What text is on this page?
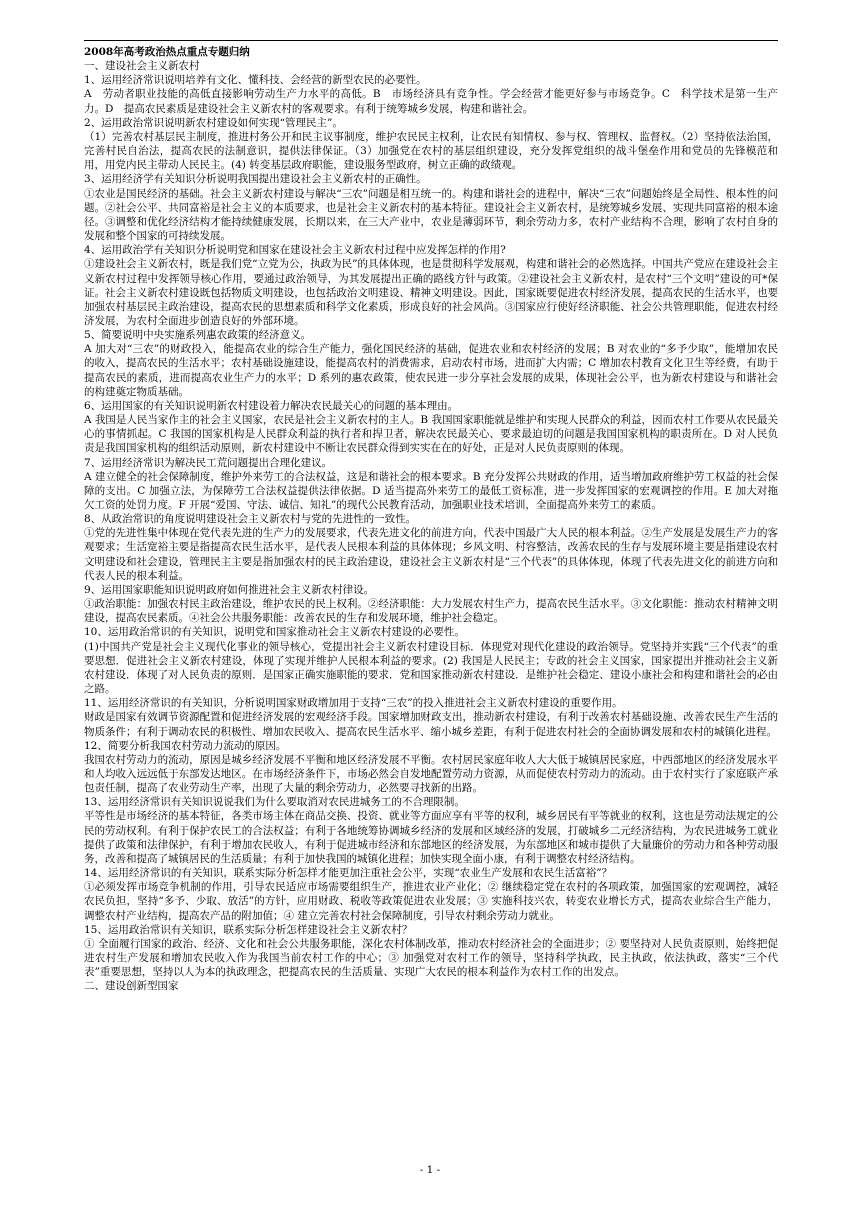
2008年高考政治热点重点专题归纳

一、建设社会主义新农村

1、运用经济常识说明培养有文化、懂科技、会经营的新型农民的必要性。

A　劳动者职业技能的高低直接影响劳动生产力水平的高低。B　市场经济具有竞争性。学会经营才能更好参与市场竞争。C　科学技术是第一生产力。D　提高农民素质是建设社会主义新农村的客观要求。有利于统筹城乡发展，构建和谐社会。

2、运用政治常识说明新农村建设如何实现“管理民主”。

（1）完善农村基层民主制度，推进村务公开和民主议事制度，维护农民民主权利，让农民有知情权、参与权、管理权、监督权。（2）坚持依法治国，完善村民自治法，提高农民的法制意识，提供法律保证。（3）加强党在农村的基层组织建设，充分发挥党组织的战斗堡垒作用和党员的先锋模范和用，用党内民主带动人民民主。(4) 转变基层政府职能，建设服务型政府，树立正确的政绩观。

3、运用经济学有关知识分析说明我国提出建设社会主义新农村的正确性。

①农业是国民经济的基础。社会主义新农村建设与解决“三农”问题是相互统一的。构建和谐社会的进程中，解决“三农”问题始终是全局性、根本性的问题。②社会公平、共同富裕是社会主义的本质要求，也是社会主义新农村的基本特征。建设社会主义新农村，是统筹城乡发展、实现共同富裕的根本途径。③调整和优化经济结构才能持续健康发展，长期以来，在三大产业中，农业是薄弱环节，剩余劳动力多，农村产业结构不合理，影响了农村自身的发展和整个国家的可持续发展。

4、运用政治学有关知识分析说明党和国家在建设社会主义新农村过程中应发挥怎样的作用?

①建设社会主义新农村，既是我们党“立党为公，执政为民”的具体体现，也是贯彻科学发展观，构建和谐社会的必然选择。中国共产党应在建设社会主义新农村过程中发挥领导核心作用，要通过政治领导，为其发展提出正确的路线方针与政策。②建设社会主义新农村，是农村“三个文明”建设的可*保证。社会主义新农村建设既包括物质文明建设，也包括政治文明建设、精神文明建设。因此，国家既要促进农村经济发展，提高农民的生活水平，也要加强农村基层民主政治建设，提高农民的思想素质和科学文化素质，形成良好的社会风尚。③国家应行使好经济职能、社会公共管理职能，促进农村经济发展，为农村全面进步创造良好的外部环境。

5、简要说明中央实施系列惠农政策的经济意义。

A 加大对“三农”的财政投入，能提高农业的综合生产能力，强化国民经济的基础，促进农业和农村经济的发展；B 对农业的“多予少取”，能增加农民的收入，提高农民的生活水平；农村基础设施建设，能提高农村的消费需求，启动农村市场，进而扩大内需；C 增加农村教育文化卫生等经费，有助于提高农民的素质，进而提高农业生产力的水平；D 系列的惠农政策，使农民进一步分享社会发展的成果，体现社会公平，也为新农村建设与和谐社会的构建奠定物质基础。

6、运用国家的有关知识说明新农村建设着力解决农民最关心的问题的基本理由。

A 我国是人民当家作主的社会主义国家，农民是社会主义新农村的主人。B 我国国家职能就是维护和实现人民群众的利益，因而农村工作要从农民最关心的事情抓起。C 我国的国家机构是人民群众利益的执行者和捍卫者，解决农民最关心、要求最迫切的问题是我国国家机构的职责所在。D 对人民负责是我国国家机构的组织活动原则，新农村建设中不断让农民群众得到实实在在的好处，正是对人民负责原则的体现。

7、运用经济常识为解决民工荒问题提出合理化建议。

A 建立健全的社会保障制度，维护外来劳工的合法权益，这是和谐社会的根本要求。B 充分发挥公共财政的作用，适当增加政府维护劳工权益的社会保障的支出。C 加强立法，为保障劳工合法权益提供法律依据。D 适当提高外来劳工的最低工资标准，进一步发挥国家的宏观调控的作用。E 加大对拖欠工资的处罚力度。F 开展“爱国、守法、诚信、知礼”的现代公民教育活动，加强职业技术培训，全面提高外来劳工的素质。

8、从政治常识的角度说明建设社会主义新农村与党的先进性的一致性。

①党的先进性集中体现在党代表先进的生产力的发展要求，代表先进文化的前进方向，代表中国最广大人民的根本利益。②生产发展是发展生产力的客观要求；生活宽裕主要是指提高农民生活水平，是代表人民根本利益的具体体现；乡风文明、村容整洁，改善农民的生存与发展环境主要是指建设农村文明建设和社会建设，管理民主主要是指加强农村的民主政治建设，建设社会主义新农村是“三个代表”的具体体现，体现了代表先进文化的前进方向和代表人民的根本利益。

9、运用国家职能知识说明政府如何推进社会主义新农村律设。

①政治职能：加强农村民主政治建设，维护农民的民上权利。②经济职能：大力发展农村生产力，提高农民生活水平。③文化职能：推动农村精神文明建设，提高农民素质。④社会公共服务职能：改善农民的生存和发展环境，维护社会稳定。

10、运用政治常识的有关知识，说明党和国家推动社会主义新农村建设的必要性。

(1)中国共产党是社会主义现代化事业的领导核心，党提出社会主义新农村建设目标．体现党对现代化建设的政治领导。党坚持并实践“三个代表”的重要思想．促进社会主义新农村建设，体现了实现并维护人民根本利益的要求。(2) 我国是人民民主；专政的社会主义国家，国家提出并推动社会主义新农村建设．体现了对人民负责的原则．是国家正确实施职能的要求．党和国家推动新农村建设．是维护社会稳定、建设小康社会和构建和谐社会的必由之路。

11、运用经济常识的有关知识，分析说明国家财政增加用于支持“三农”的投入推进社会主义新农村建设的重要作用。

财政是国家有效调节资源配置和促进经济发展的宏观经济手段。国家增加财政支出，推动新农村建设，有利于改善农村基础设施、改善农民生产生活的物质条件；有利于调动农民的积极性、增加农民收入、提高农民生活水平、缩小城乡差距，有利于促进农村社会的全面协调发展和农村的城镇化进程。

12、简要分析我国农村劳动力流动的原因。

我国农村劳动力的流动，原因是城乡经济发展不平衡和地区经济发展不平衡。农村居民家庭年收人大大低于城镇居民家庭，中西部地区的经济发展水平和人均收入远远低于东部发达地区。在市场经济条件下，市场必然会自发地配置劳动力资源，从而促使农村劳动力的流动。由于农村实行了家庭联产承包责任制，提高了农业劳动生产率，出现了大量的剩余劳动力，必然要寻找新的出路。

13、运用经济常识有关知识说说我们为什么要取消对农民进城务工的不合理限制。

平等性是市场经济的基本特征，各类市场主体在商品交换、投资、就业等方面应享有平等的权利，城乡居民有平等就业的权利，这也是劳动法规定的公民的劳动权利。有利于保护农民工的合法权益；有利于各地统筹协调城乡经济的发展和区域经济的发展，打破城乡二元经济结构，为农民进城务工就业提供了政策和法律保护，有利于增加农民收人，有利于促进城市经济和东部地区的经济发展，为东部地区和城市提供了大量廉价的劳动力和各种劳动服务，改善和提高了城镇居民的生活质量；有利于加快我国的城镇化进程；加快实现全面小康，有利于调整农村经济结构。

14、运用经济常识的有关知识，联系实际分析怎样才能更加注重社会公平，实现“农业生产发展和农民生活富裕”？

①必须发挥市场竞争机制的作用，引导农民适应市场需要组织生产，推进农业产业化；② 继续稳定党在农村的各项政策，加强国家的宏观调控，减轻农民负担，坚持“多予、少取、放活”的方针，应用财政、税收等政策促进农业发展；③ 实施科技兴农，转变农业增长方式，提高农业综合生产能力，调整农村产业结构，提高农产品的附加值；④ 建立完善农村社会保障制度，引导农村剩余劳动力就业。

15、运用政治常识有关知识，联系实际分析怎样建设社会主义新农村？

① 全面履行国家的政治、经济、文化和社会公共服务职能，深化农村体制改革，推动农村经济社会的全面进步；② 要坚持对人民负责原则，始终把促进农村生产发展和增加农民收入作为我国当前农村工作的中心；③ 加强党对农村工作的领导，坚持科学执政，民主执政，依法执政，落实“三个代表”重要思想，坚持以人为本的执政理念，把提高农民的生活质量、实现广大农民的根本利益作为农村工作的出发点。

二、建设创新型国家

- 1 -
